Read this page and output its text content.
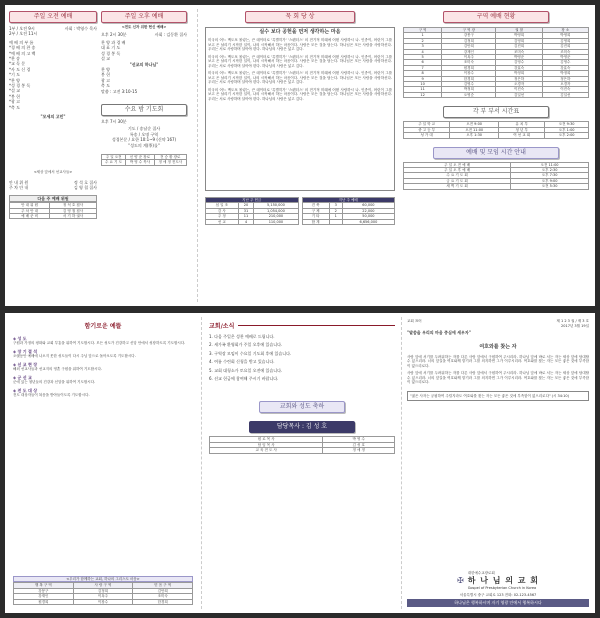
주일 오전 예배
1부 / 오전 9시
2부 / 오전 11시
사회 : 박영수 목사

예 배 의 부 름

*경 배 의 찬 송

*예 배 의 고 백

*찬 송

*교 독 문

*사 도 신 경

*기 도

*찬 양

*성 경 봉 독

*설 교

*봉 헌

*광 고

*축 도

"모세의 고민"
<세상 앞에서 선교사들>
안 내 위 원	정 석 호 집사
주 차 안 내	김 영 철 집사
다음 주 예배 위원
안 내 위 원	정 석 호 집사
주 차 안 내	김 영 철 집사
예 배 준 비	서 기 하 권사
주일 오후 예배
<전도 신자 위한 헌신 예배>
오후 2시 30분	사회 : 김동환 집사

찬 양 과 경 배

대 표 기 도

성 경 봉 독

설 교

"선교의 하나님"

찬 양

봉 헌

광 고

축 도

말씀 : 고전 3:10-15

수요 밤 기도회
오후 7시 30분
기도 / 송남순 집사
특송 / 오명 구역
성경본문 / 요한 10:1~9 (신약 167)
"성도의 계(季)를"
주 일 오전	신 양 준 장로	전 승 환 장로
수 요 기 도	박 영 수 목사	정 애 정 전도사
묵 회 당 상
실수 보다 공헌을 먼저 생각하는 마음
미국의 어느 맥도포 볼링는, 큰 데이터로 '특별히가' '스펜더스' 의 전기적 미래에 어떤 사랑하시 나. 인종이, 어린이 그를 보고 은 날리기 시작한 일이, 나의 시작해서 하는 마음이다. 사랑은 모든 것을 담는다. 하나님은 모든 사람을 사랑하신다. 우리는 서로 사랑하며 살아야 한다. 하나님의 사랑은 넓고 깊다.
미국의 어느 맥도포 볼링는, 큰 데이터로 '특별히가' '스펜더스' 의 전기적 미래에 어떤 사랑하시 나. 인종이, 어린이 그를 보고 은 날리기 시작한 일이, 나의 시작해서 하는 마음이다. 사랑은 모든 것을 담는다. 하나님은 모든 사람을 사랑하신다. 우리는 서로 사랑하며 살아야 한다. 하나님의 사랑은 넓고 깊다.
미국의 어느 맥도포 볼링는, 큰 데이터로 '특별히가' '스펜더스' 의 전기적 미래에 어떤 사랑하시 나. 인종이, 어린이 그를 보고 은 날리기 시작한 일이, 나의 시작해서 하는 마음이다. 사랑은 모든 것을 담는다. 하나님은 모든 사람을 사랑하신다. 우리는 서로 사랑하며 살아야 한다. 하나님의 사랑은 넓고 깊다.
미국의 어느 맥도포 볼링는, 큰 데이터로 '특별히가' '스펜더스' 의 전기적 미래에 어떤 사랑하시 나. 인종이, 어린이 그를 보고 은 날리기 시작한 일이, 나의 시작해서 하는 마음이다. 사랑은 모든 것을 담는다. 하나님은 모든 사람을 사랑하신다. 우리는 서로 사랑하며 살아야 한다. 하나님의 사랑은 넓고 깊다.
지난 주 헌금		
십 일 조	20	5,150,000
감 사	31	1,054,000
주 정	11	210,000
선 교	4	110,000
지난 주 예배		
건 축	3	60,000
구 제	2	22,000
기 타	1	50,000
합 계		6,656,000
구역 예배 현황
구 역	구 역 장	권 찰	장 소
1	강봉구	박영희	박영희
2	김정희	김영희	김영희
3	김안희	김진희	김진희
4	강재인	조미숙	조미숙
5	이옥주	박영준	박영준
6	조미숙	김영수	김영수
7	원경희	강효숙	강효숙
8	이창수	박정희	박정희
9	한경희	정은하	정은하
10	김영수	오경자	오경자
11	박정희	이진숙	이진숙
12	오영순	김일선	김일선
각 부 부서 시간표
주 일 학 교	오전 9:00	유 치 부	오전 9:30
중 고 등 부	오전 11:00	청 년 부	오후 1:00
성 가 대	오후 1:30	여 선 교 회	오후 2:00
예배 및 모임 시간 안내
주 일 오 전 예 배	오전 11:00
주 일 오 후 예 배	오후 2:30
수 요 기 도 회	오후 7:30
금 요 기 도 회	오후 9:00
새 벽 기 도 회	오전 5:30
함기로운 예뜰
◈ 성 도
구원과 가정의 평화와 교회 부흥을 위하여 기도합시다. 모든 성도가 건강하고 신앙 안에서 성장하도록 기도합시다.
◈ 장 기 결 석
오랫동안 예배에 나오지 못한 성도들이 다시 주님 앞으로 돌아오도록 기도합시다.
◈ 선 교 현 장
해외 선교사들과 선교지의 영혼 구원을 위하여 기도합시다.
◈ 군 선 교
군에 있는 청년들의 건강과 신앙을 위하여 기도합시다.
◈ 전 도 대 상
전도 대상자들이 복음을 받아들이도록 기도합시다.
<우리가 함께하는 교회, 하나의 그리스도 마음>
행 복 구 역	사 랑 구 역	믿 음 구 역
강봉구	김정희	김안희
강재인	이옥주	조미숙
원경희	이창수	한경희
교회/소식

1. 다음 주일은 성찬 예배로 드립니다.

2. 새가족 환영회가 주일 오후에 있습니다.

3. 구역장 모임이 수요일 기도회 후에 있습니다.

4. 여름 수련회 신청을 받고 있습니다.

5. 교회 대청소가 토요일 오전에 있습니다.

6. 선교 헌금에 참여해 주시기 바랍니다.

교회와 성도 축하
담당목사 : 김 성 호
원 로 목 사	박 영 수
담 임 목 사	김 성 호
교 육 전 도 사	정 애 정
교회 표어	제 1 2 3 권 / 제 3 호
2017년 3월 19일
"말씀을 우리의 마음 중심에 세우자"
여호와를 찾는 자
사람 앞에 서기를 두려워하는 자를 다른 사람 앞에서 구원하여 주시리라. 하나님 앞에 바로 서는 자는 세상 앞에 담대할 수 있으리라. 너의 앞길을 여호와께 맡기라 그를 의지하면 그가 이루시리라. 여호와를 찾는 자는 모든 좋은 것에 부족함이 없으리로다.
사람 앞에 서기를 두려워하는 자를 다른 사람 앞에서 구원하여 주시리라. 하나님 앞에 바로 서는 자는 세상 앞에 담대할 수 있으리라. 너의 앞길을 여호와께 맡기라 그를 의지하면 그가 이루시리라. 여호와를 찾는 자는 모든 좋은 것에 부족함이 없으리로다.
"젊은 사자는 궁핍하여 주릴지라도 여호와를 찾는 자는 모든 좋은 것에 부족함이 없으리로다" (시 34:10)
✠
대한예수교장로회
하 나 님 의 교 회
Gospel of Presbyterian Church in Korea
서울특별시 중구 교회로 123 전화: 02-123-4567
하나님은 행복하시며 자기 영광 안에서 행복하시다
